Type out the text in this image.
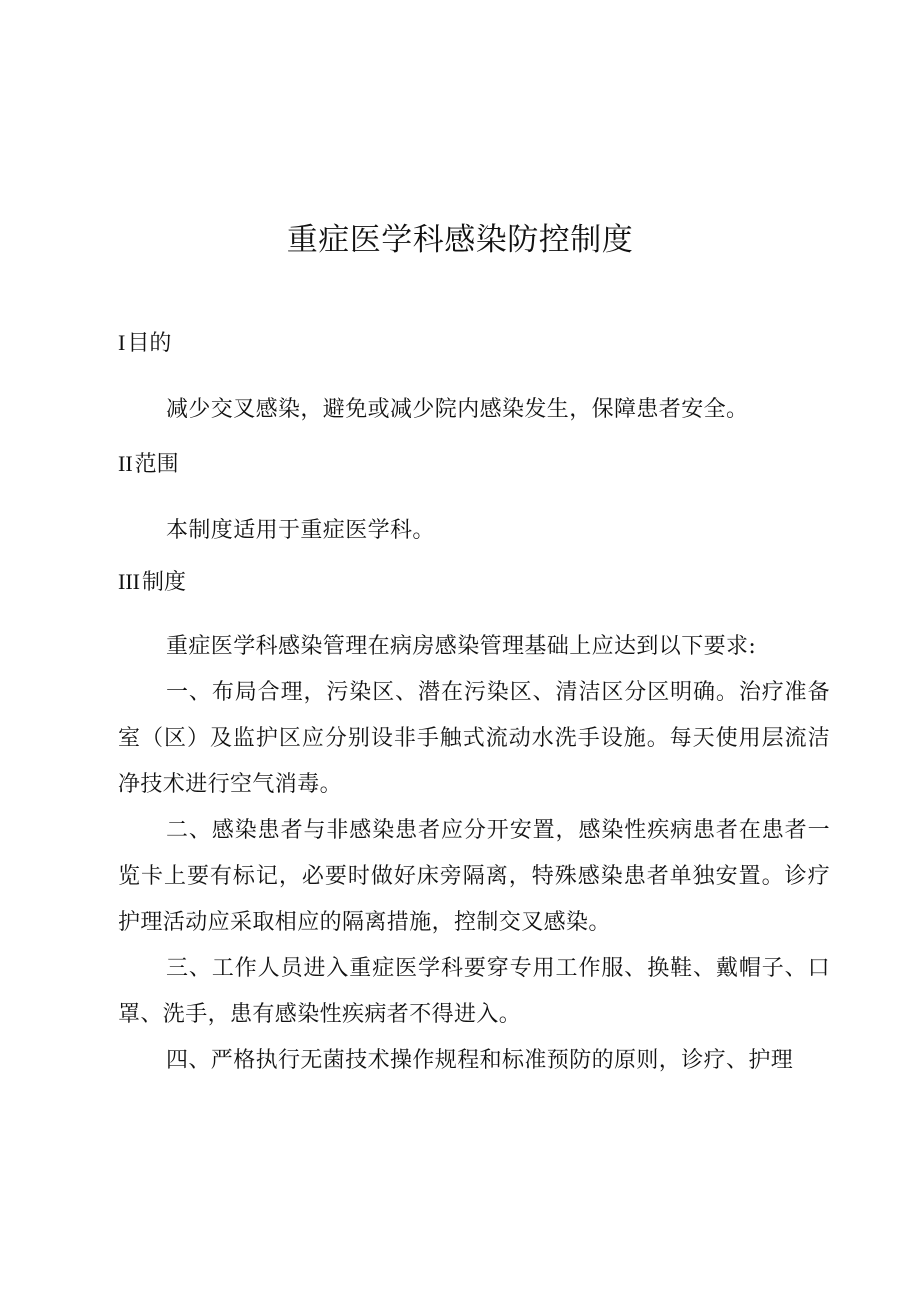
重症医学科感染防控制度
I目的

减少交叉感染，避免或减少院内感染发生，保障患者安全。

II范围

本制度适用于重症医学科。

III制度

重症医学科感染管理在病房感染管理基础上应达到以下要求:

一、布局合理，污染区、潜在污染区、清洁区分区明确。治疗准备室（区）及监护区应分别设非手触式流动水洗手设施。每天使用层流洁净技术进行空气消毒。

二、感染患者与非感染患者应分开安置，感染性疾病患者在患者一览卡上要有标记，必要时做好床旁隔离，特殊感染患者单独安置。诊疗护理活动应采取相应的隔离措施，控制交叉感染。

三、工作人员进入重症医学科要穿专用工作服、换鞋、戴帽子、口罩、洗手，患有感染性疾病者不得进入。

四、严格执行无菌技术操作规程和标准预防的原则，诊疗、护理
